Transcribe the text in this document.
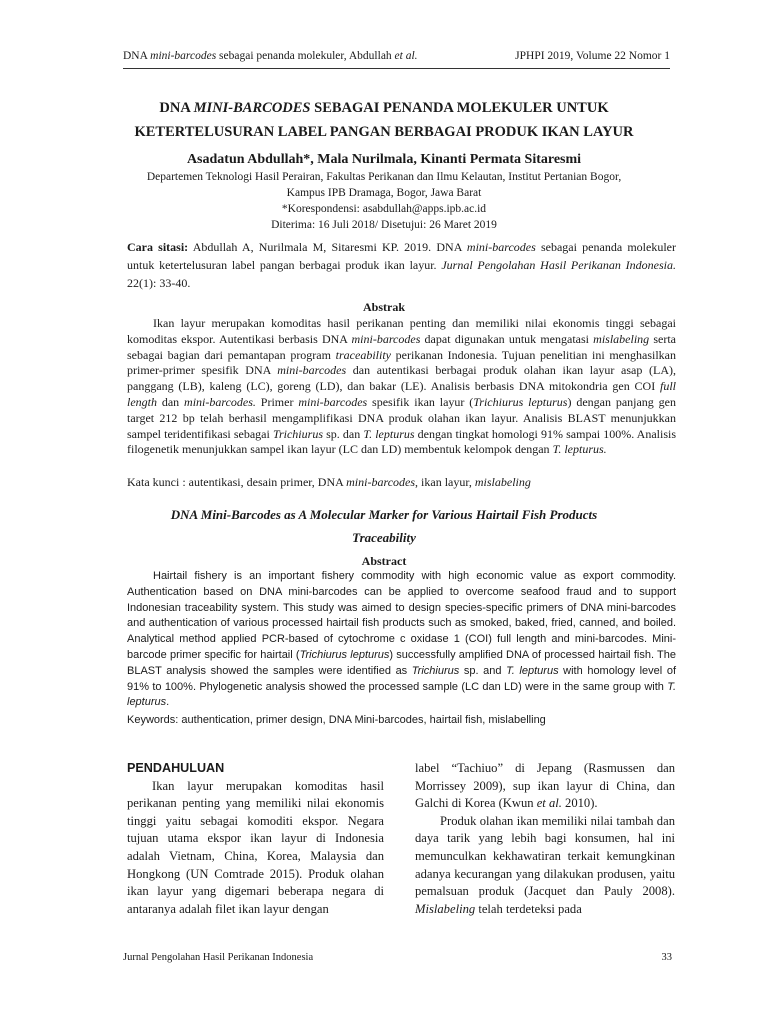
DNA mini-barcodes sebagai penanda molekuler, Abdullah et al.	JPHPI 2019, Volume 22 Nomor 1
DNA MINI-BARCODES SEBAGAI PENANDA MOLEKULER UNTUK
KETERTELUSURAN LABEL PANGAN BERBAGAI PRODUK IKAN LAYUR
Asadatun Abdullah*, Mala Nurilmala, Kinanti Permata Sitaresmi
Departemen Teknologi Hasil Perairan, Fakultas Perikanan dan Ilmu Kelautan, Institut Pertanian Bogor,
Kampus IPB Dramaga, Bogor, Jawa Barat
*Korespondensi: asabdullah@apps.ipb.ac.id
Diterima: 16 Juli 2018/ Disetujui: 26 Maret 2019
Cara sitasi: Abdullah A, Nurilmala M, Sitaresmi KP. 2019. DNA mini-barcodes sebagai penanda molekuler untuk ketertelusuran label pangan berbagai produk ikan layur. Jurnal Pengolahan Hasil Perikanan Indonesia. 22(1): 33-40.
Abstrak

Ikan layur merupakan komoditas hasil perikanan penting dan memiliki nilai ekonomis tinggi sebagai komoditas ekspor. Autentikasi berbasis DNA mini-barcodes dapat digunakan untuk mengatasi mislabeling serta sebagai bagian dari pemantapan program traceability perikanan Indonesia. Tujuan penelitian ini menghasilkan primer-primer spesifik DNA mini-barcodes dan autentikasi berbagai produk olahan ikan layur asap (LA), panggang (LB), kaleng (LC), goreng (LD), dan bakar (LE). Analisis berbasis DNA mitokondria gen COI full length dan mini-barcodes. Primer mini-barcodes spesifik ikan layur (Trichiurus lepturus) dengan panjang gen target 212 bp telah berhasil mengamplifikasi DNA produk olahan ikan layur. Analisis BLAST menunjukkan sampel teridentifikasi sebagai Trichiurus sp. dan T. lepturus dengan tingkat homologi 91% sampai 100%. Analisis filogenetik menunjukkan sampel ikan layur (LC dan LD) membentuk kelompok dengan T. lepturus.

Kata kunci : autentikasi, desain primer, DNA mini-barcodes, ikan layur, mislabeling
DNA Mini-Barcodes as A Molecular Marker for Various Hairtail Fish Products
Traceability
Abstract

Hairtail fishery is an important fishery commodity with high economic value as export commodity. Authentication based on DNA mini-barcodes can be applied to overcome seafood fraud and to support Indonesian traceability system. This study was aimed to design species-specific primers of DNA mini-barcodes and authentication of various processed hairtail fish products such as smoked, baked, fried, canned, and boiled. Analytical method applied PCR-based of cytochrome c oxidase 1 (COI) full length and mini-barcodes. Mini-barcode primer specific for hairtail (Trichiurus lepturus) successfully amplified DNA of processed hairtail fish. The BLAST analysis showed the samples were identified as Trichiurus sp. and T. lepturus with homology level of 91% to 100%. Phylogenetic analysis showed the processed sample (LC dan LD) were in the same group with T. lepturus.

Keywords: authentication, primer design, DNA Mini-barcodes, hairtail fish, mislabelling

PENDAHULUAN

Ikan layur merupakan komoditas hasil perikanan penting yang memiliki nilai ekonomis tinggi yaitu sebagai komoditi ekspor. Negara tujuan utama ekspor ikan layur di Indonesia adalah Vietnam, China, Korea, Malaysia dan Hongkong (UN Comtrade 2015). Produk olahan ikan layur yang digemari beberapa negara di antaranya adalah filet ikan layur dengan

label “Tachiuo” di Jepang (Rasmussen dan Morrissey 2009), sup ikan layur di China, dan Galchi di Korea (Kwun et al. 2010).

Produk olahan ikan memiliki nilai tambah dan daya tarik yang lebih bagi konsumen, hal ini memunculkan kekhawatiran terkait kemungkinan adanya kecurangan yang dilakukan produsen, yaitu pemalsuan produk (Jacquet dan Pauly 2008). Mislabeling telah terdeteksi pada

Jurnal Pengolahan Hasil Perikanan Indonesia	33
